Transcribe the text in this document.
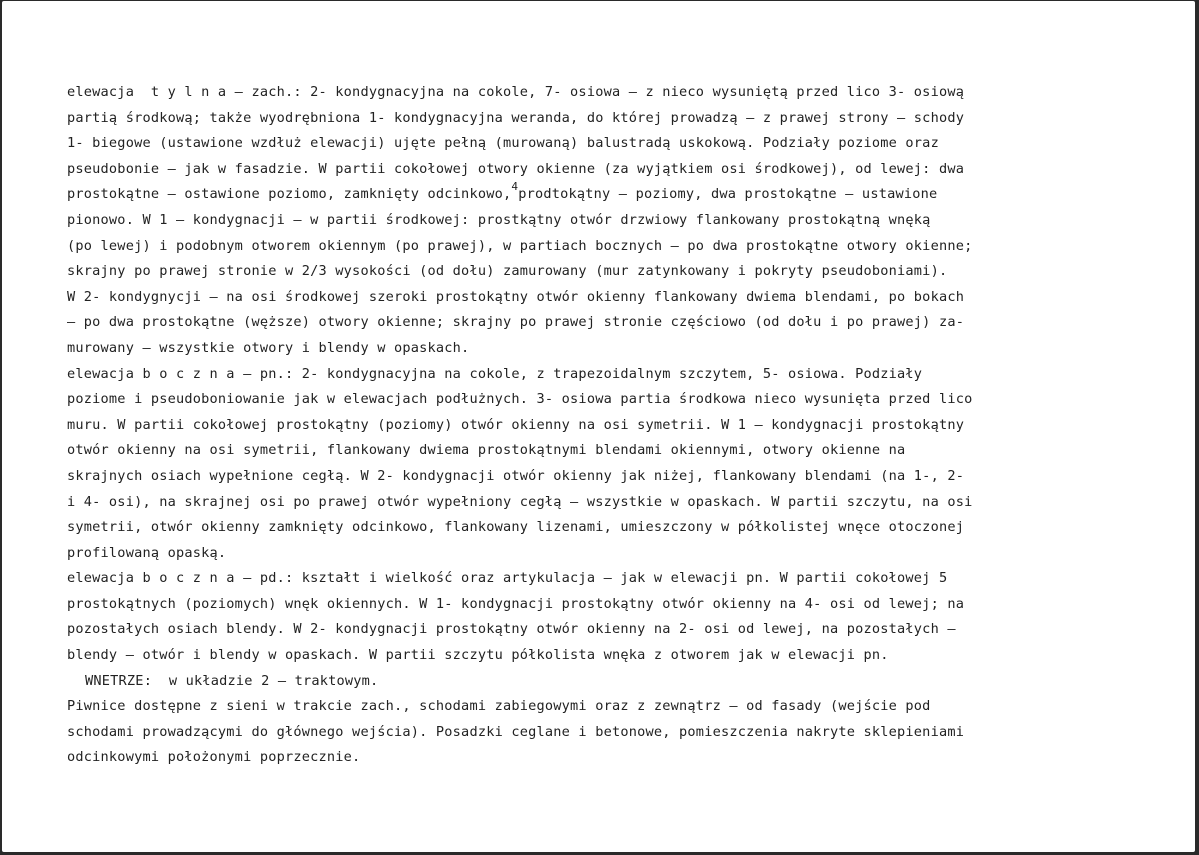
elewacja  t y l n a – zach.: 2- kondygnacyjna na cokole, 7- osiowa – z nieco wysuniętą przed lico 3- osiową
partią środkową; także wyodrębniona 1- kondygnacyjna weranda, do której prowadzą – z prawej strony – schody
1- biegowe (ustawione wzdłuż elewacji) ujęte pełną (murowaną) balustradą uskokową. Podziały poziome oraz
pseudobonie – jak w fasadzie. W partii cokołowej otwory okienne (za wyjątkiem osi środkowej), od lewej: dwa
prostokątne – ostawione poziomo, zamknięty odcinkowo,$^4$prodtokątny – poziomy, dwa prostokątne – ustawione
pionowo. W 1 – kondygnacji – w partii środkowej: prostkątny otwór drzwiowy flankowany prostokątną wnęką
(po lewej) i podobnym otworem okiennym (po prawej), w partiach bocznych – po dwa prostokątne otwory okienne;
skrajny po prawej stronie w 2/3 wysokości (od dołu) zamurowany (mur zatynkowany i pokryty pseudoboniami).
W 2- kondygnycji – na osi środkowej szeroki prostokątny otwór okienny flankowany dwiema blendami, po bokach
– po dwa prostokątne (węższe) otwory okienne; skrajny po prawej stronie częściowo (od dołu i po prawej) za-
murowany – wszystkie otwory i blendy w opaskach.
elewacja b o c z n a – pn.: 2- kondygnacyjna na cokole, z trapezoidalnym szczytem, 5- osiowa. Podziały
poziome i pseudoboniowanie jak w elewacjach podłużnych. 3- osiowa partia środkowa nieco wysunięta przed lico
muru. W partii cokołowej prostokątny (poziomy) otwór okienny na osi symetrii. W 1 – kondygnacji prostokątny
otwór okienny na osi symetrii, flankowany dwiema prostokątnymi blendami okiennymi, otwory okienne na
skrajnych osiach wypełnione cegłą. W 2- kondygnacji otwór okienny jak niżej, flankowany blendami (na 1-, 2-
i 4- osi), na skrajnej osi po prawej otwór wypełniony cegłą – wszystkie w opaskach. W partii szczytu, na osi
symetrii, otwór okienny zamknięty odcinkowo, flankowany lizenami, umieszczony w półkolistej wnęce otoczonej
profilowaną opaską.
elewacja b o c z n a – pd.: kształt i wielkość oraz artykulacja – jak w elewacji pn. W partii cokołowej 5
prostokątnych (poziomych) wnęk okiennych. W 1- kondygnacji prostokątny otwór okienny na 4- osi od lewej; na
pozostałych osiach blendy. W 2- kondygnacji prostokątny otwór okienny na 2- osi od lewej, na pozostałych –
blendy – otwór i blendy w opaskach. W partii szczytu półkolista wnęka z otworem jak w elewacji pn.
WNETRZE:  w układzie 2 – traktowym.
Piwnice dostępne z sieni w trakcie zach., schodami zabiegowymi oraz z zewnątrz – od fasady (wejście pod
schodami prowadzącymi do głównego wejścia). Posadzki ceglane i betonowe, pomieszczenia nakryte sklepieniami
odcinkowymi położonymi poprzecznie.
